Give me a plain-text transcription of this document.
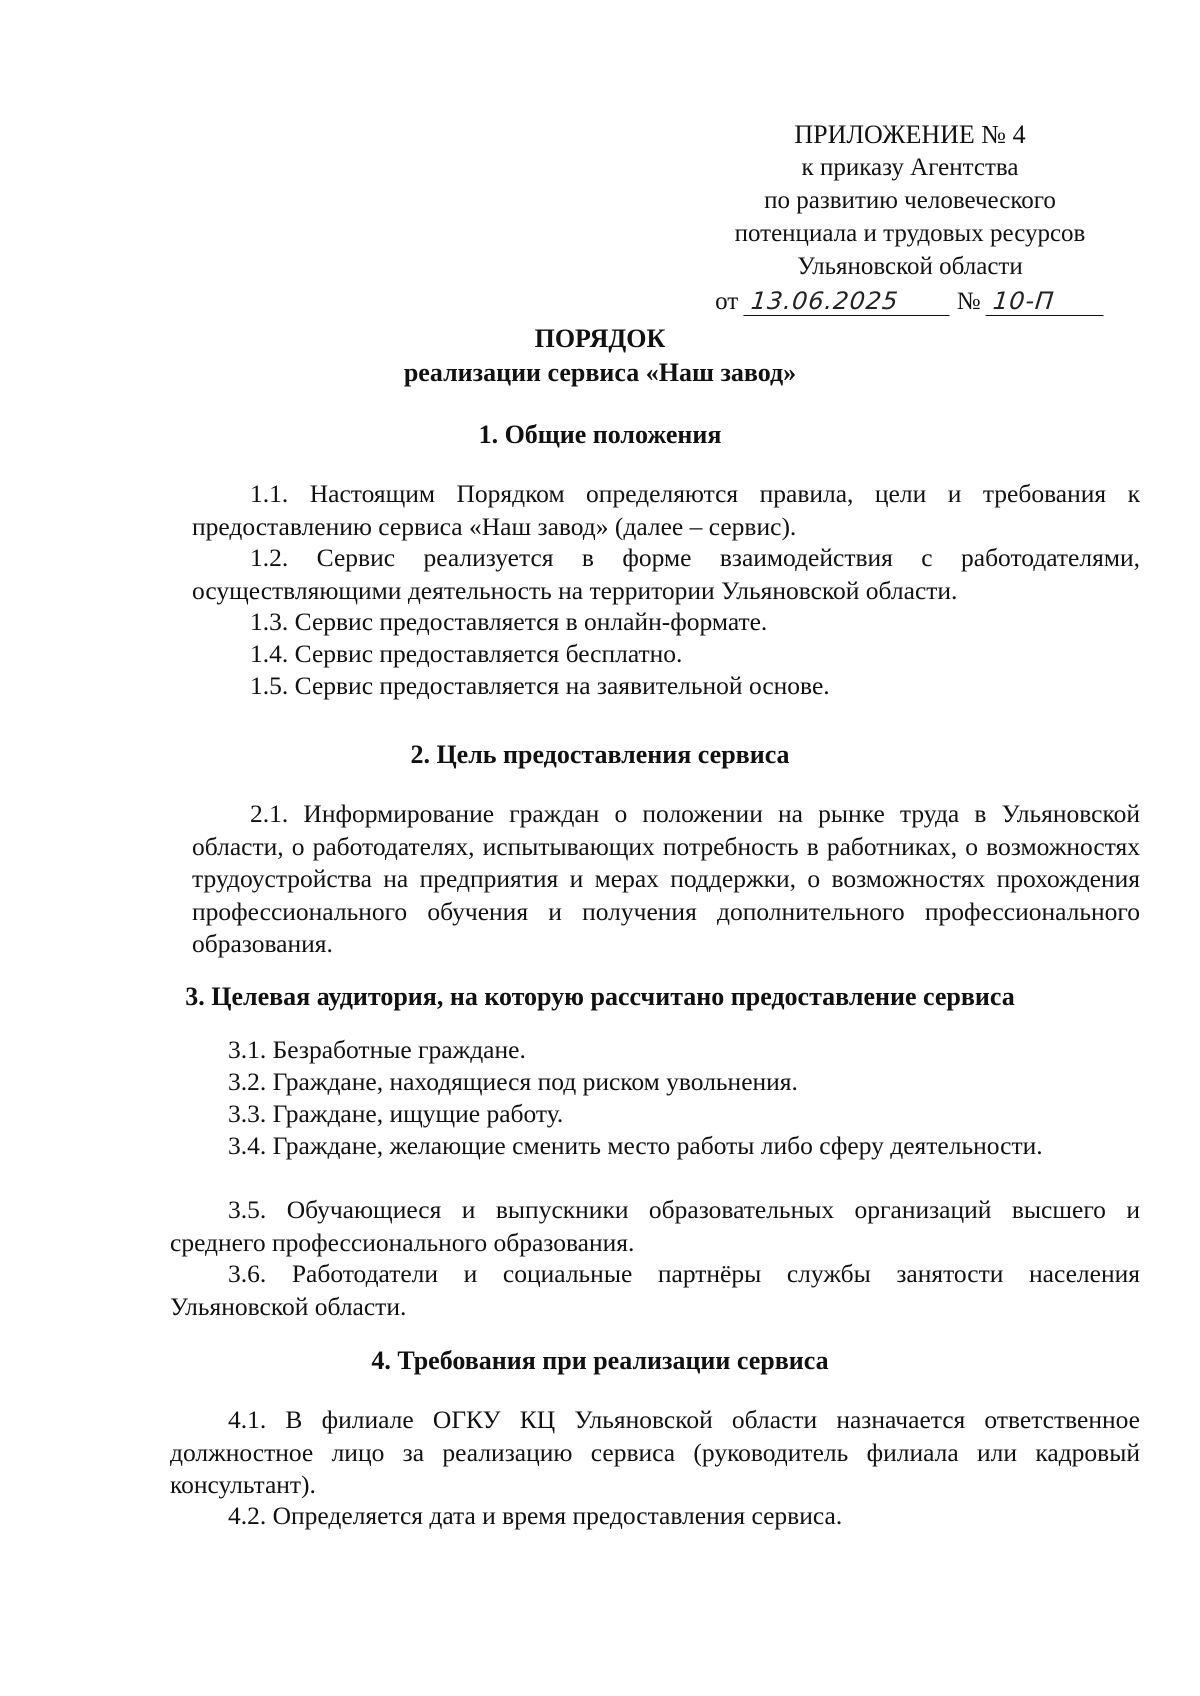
ПРИЛОЖЕНИЕ № 4
к приказу Агентства
по развитию человеческого
потенциала и трудовых ресурсов
Ульяновской области
от 13.06.2025 № 10-П
ПОРЯДОК
реализации сервиса «Наш завод»
1. Общие положения
1.1. Настоящим Порядком определяются правила, цели и требования к предоставлению сервиса «Наш завод» (далее – сервис).
1.2. Сервис реализуется в форме взаимодействия с работодателями, осуществляющими деятельность на территории Ульяновской области.
1.3. Сервис предоставляется в онлайн-формате.
1.4. Сервис предоставляется бесплатно.
1.5. Сервис предоставляется на заявительной основе.
2. Цель предоставления сервиса
2.1. Информирование граждан о положении на рынке труда в Ульяновской области, о работодателях, испытывающих потребность в работниках, о возможностях трудоустройства на предприятия и мерах поддержки, о возможностях прохождения профессионального обучения и получения дополнительного профессионального образования.
3. Целевая аудитория, на которую рассчитано предоставление сервиса
3.1. Безработные граждане.
3.2. Граждане, находящиеся под риском увольнения.
3.3. Граждане, ищущие работу.
3.4. Граждане, желающие сменить место работы либо сферу деятельности.
3.5. Обучающиеся и выпускники образовательных организаций высшего и среднего профессионального образования.
3.6. Работодатели и социальные партнёры службы занятости населения Ульяновской области.
4. Требования при реализации сервиса
4.1. В филиале ОГКУ КЦ Ульяновской области назначается ответственное должностное лицо за реализацию сервиса (руководитель филиала или кадровый консультант).
4.2. Определяется дата и время предоставления сервиса.
